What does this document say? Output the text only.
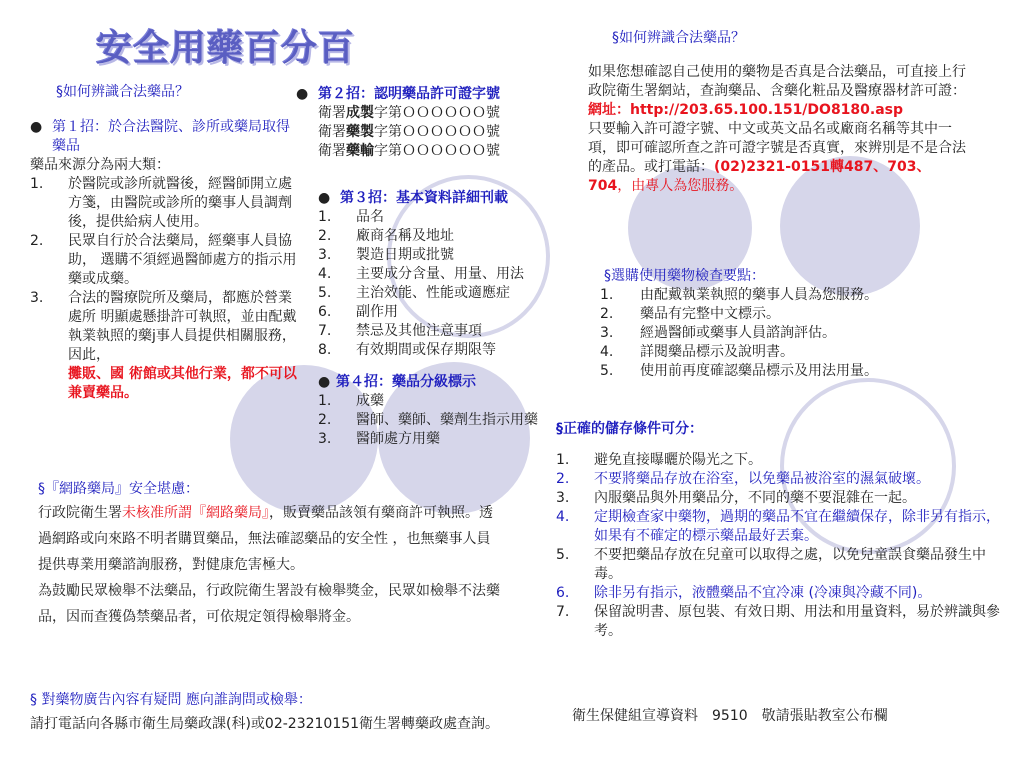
安全用藥百分百
§如何辨識合法藥品？
● 第１招：於合法醫院、診所或藥局取得 藥品
藥品來源分為兩大類：
1.	於醫院或診所就醫後，經醫師開立處方箋，由醫院或診所的藥事人員調劑後，提供給病人使用。
2.	民眾自行於合法藥局，經藥事人員協助， 選購不須經過醫師處方的指示用藥或成藥。
3.	合法的醫療院所及藥局，都應於營業處所 明顯處懸掛許可執照，並由配戴執業執照的藥j事人員提供相關服務，因此，
攤販、國 術館或其他行業，都不可以兼賣藥品。
● 第２招：認明藥品許可證字號
衛署成製字第ＯＯＯＯＯＯ號
衛署藥製字第ＯＯＯＯＯＯ號
衛署藥輸字第ＯＯＯＯＯＯ號
● 第３招：基本資料詳細刊載
1.	品名
2.	廠商名稱及地址
3.	製造日期或批號
4.	主要成分含量、用量、用法
5.	主治效能、性能或適應症
6.	副作用
7.	禁忌及其他注意事項
8.	有效期間或保存期限等
● 第４招：藥品分級標示
1.	成藥
2.	醫師、藥師、藥劑生指示用藥
3.	醫師處方用藥
§如何辨識合法藥品？
如果您想確認自己使用的藥物是否真是合法藥品，可直接上行政院衛生署網站，查詢藥品、含藥化粧品及醫療器材許可證：
網址：http://203.65.100.151/DO8180.asp
只要輸入許可證字號、中文或英文品名或廠商名稱等其中一項，即可確認所查之許可證字號是否真實，來辨別是不是合法的產品。或打電話：(02)2321-0151轉487、703、704，由專人為您服務。
§選購使用藥物檢查要點：
1.	由配戴執業執照的藥事人員為您服務。
2.	藥品有完整中文標示。
3.	經過醫師或藥事人員諮詢評估。
4.	詳閱藥品標示及說明書。
5.	使用前再度確認藥品標示及用法用量。
§正確的儲存條件可分：
1.	避免直接曝曬於陽光之下。
2.	不要將藥品存放在浴室，以免藥品被浴室的濕氣破壞。
3.	內服藥品與外用藥品分，不同的藥不要混雜在一起。
4.	定期檢查家中藥物，過期的藥品不宜在繼續保存，除非另有指示，如果有不確定的標示藥品最好丟棄。
5.	不要把藥品存放在兒童可以取得之處，以免兒童誤食藥品發生中毒。
6.	除非另有指示，液體藥品不宜冷凍 (冷凍與冷藏不同)。
7.	保留說明書、原包裝、有效日期、用法和用量資料，易於辨識與參考。
衛生保健組宣導資料　9510　敬請張貼教室公布欄
§『網路藥局』安全堪慮：
行政院衛生署未核准所謂『網路藥局』，販賣藥品該領有藥商許可執照。透過網路或向來路不明者購買藥品，無法確認藥品的安全性 ，也無藥事人員提供專業用藥諮詢服務，對健康危害極大。
為鼓勵民眾檢舉不法藥品，行政院衛生署設有檢舉獎金，民眾如檢舉不法藥品，因而查獲偽禁藥品者，可依規定領得檢舉將金。
§ 對藥物廣告內容有疑問 應向誰詢問或檢舉：
請打電話向各縣市衛生局藥政課(科)或02-23210151衛生署轉藥政處查詢。
